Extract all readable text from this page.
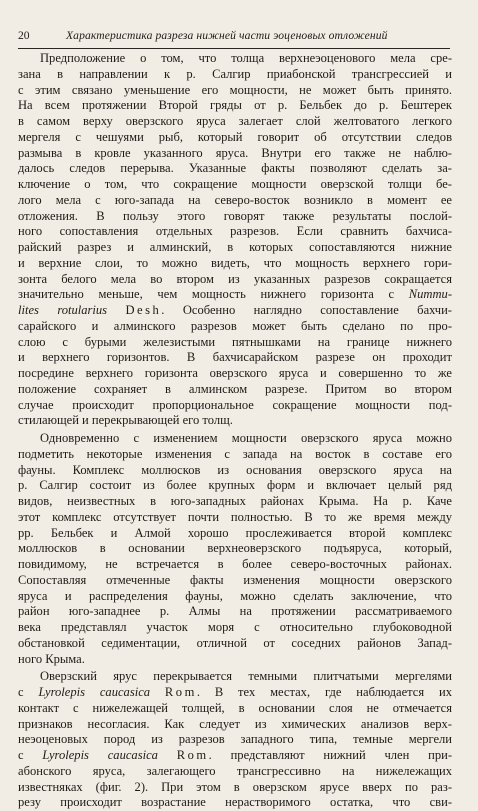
20	Характеристика разреза нижней части эоценовых отложений
Предположение о том, что толща верхнеэоценового мела сре-
зана в направлении к р. Салгир приабонской трансгрессией и
с этим связано уменьшение его мощности, не может быть принято.
На всем протяжении Второй гряды от р. Бельбек до р. Бештерек
в самом верху оверзского яруса залегает слой желтоватого легкого
мергеля с чешуями рыб, который говорит об отсутствии следов
размыва в кровле указанного яруса. Внутри его также не наблю-
далось следов перерыва. Указанные факты позволяют сделать за-
ключение о том, что сокращение мощности оверзской толщи бе-
лого мела с юго-запада на северо-восток возникло в момент ее
отложения. В пользу этого говорят также результаты послой-
ного сопоставления отдельных разрезов. Если сравнить бахчиса-
райский разрез и алминский, в которых сопоставляются нижние
и верхние слои, то можно видеть, что мощность верхнего гори-
зонта белого мела во втором из указанных разрезов сокращается
значительно меньше, чем мощность нижнего горизонта с Nummu-
lites rotularius Desh. Особенно наглядно сопоставление бахчи-
сарайского и алминского разрезов может быть сделано по про-
слою с бурыми железистыми пятнышками на границе нижнего
и верхнего горизонтов. В бахчисарайском разрезе он проходит
посредине верхнего горизонта оверзского яруса и совершенно то же
положение сохраняет в алминском разрезе. Притом во втором
случае происходит пропорциональное сокращение мощности под-
стилающей и перекрывающей его толщ.
Одновременно с изменением мощности оверзского яруса можно
подметить некоторые изменения с запада на восток в составе его
фауны. Комплекс моллюсков из основания оверзского яруса на
р. Салгир состоит из более крупных форм и включает целый ряд
видов, неизвестных в юго-западных районах Крыма. На р. Каче
этот комплекс отсутствует почти полностью. В то же время между
рр. Бельбек и Алмой хорошо прослеживается второй комплекс
моллюсков в основании верхнеоверзского подъяруса, который,
повидимому, не встречается в более северо-восточных районах.
Сопоставляя отмеченные факты изменения мощности оверзского
яруса и распределения фауны, можно сделать заключение, что
район юго-западнее р. Алмы на протяжении рассматриваемого
века представлял участок моря с относительно глубоководной
обстановкой седиментации, отличной от соседних районов Запад-
ного Крыма.
Оверзский ярус перекрывается темными плитчатыми мергелями
с Lyrolepis caucasica Rom. В тех местах, где наблюдается их
контакт с нижележащей толщей, в основании слоя не отмечается
признаков несогласия. Как следует из химических анализов верх-
неэоценовых пород из разрезов западного типа, темные мергели
с Lyrolepis caucasica Rom. представляют нижний член при-
абонского яруса, залегающего трансгрессивно на нижележащих
известняках (фиг. 2). При этом в оверзском ярусе вверх по раз-
резу происходит возрастание нерастворимого остатка, что сви-
